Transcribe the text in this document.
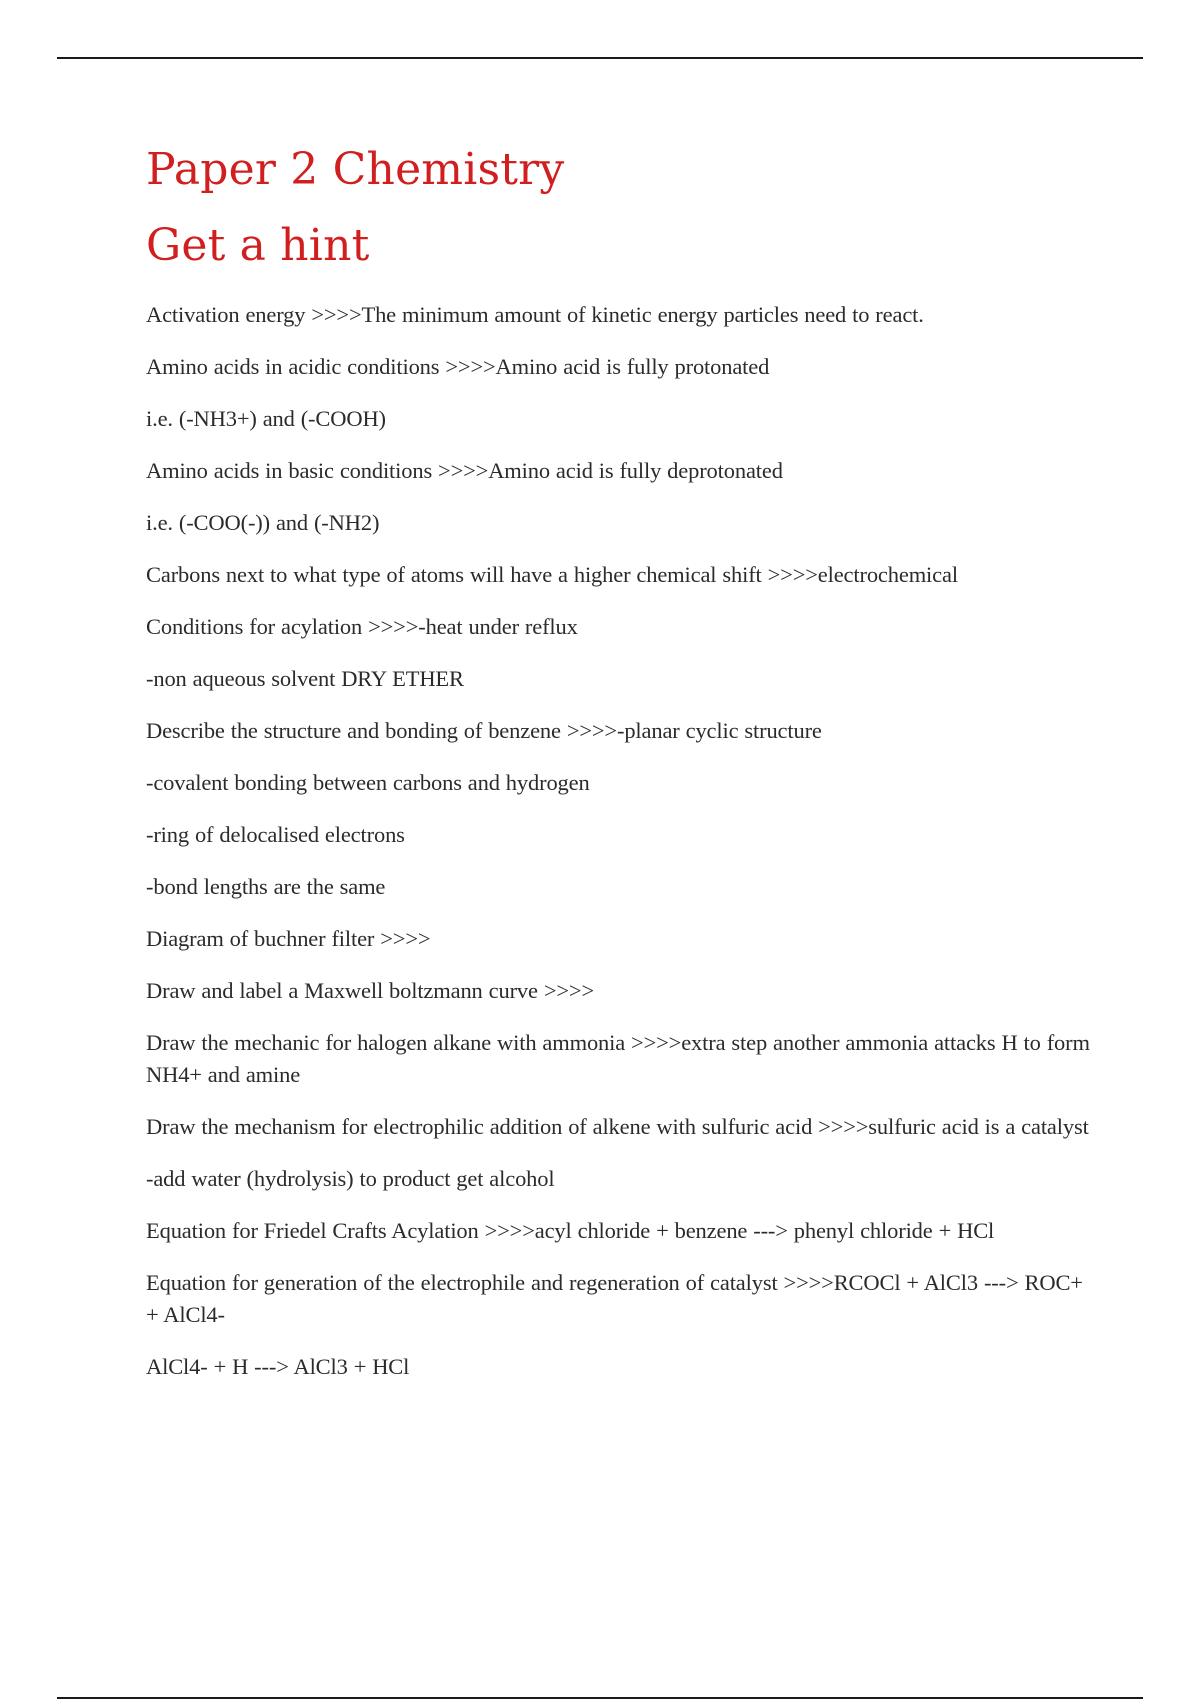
Paper 2 Chemistry
Get a hint

Activation energy >>>>The minimum amount of kinetic energy particles need to react.

Amino acids in acidic conditions >>>>Amino acid is fully protonated

i.e. (-NH3+) and (-COOH)

Amino acids in basic conditions >>>>Amino acid is fully deprotonated

i.e. (-COO(-)) and (-NH2)

Carbons next to what type of atoms will have a higher chemical shift >>>>electrochemical

Conditions for acylation >>>>-heat under reflux

-non aqueous solvent DRY ETHER

Describe the structure and bonding of benzene >>>>-planar cyclic structure

-covalent bonding between carbons and hydrogen

-ring of delocalised electrons

-bond lengths are the same

Diagram of buchner filter >>>>

Draw and label a Maxwell boltzmann curve >>>>

Draw the mechanic for halogen alkane with ammonia >>>>extra step another ammonia attacks H to form NH4+ and amine

Draw the mechanism for electrophilic addition of alkene with sulfuric acid >>>>sulfuric acid is a catalyst

-add water (hydrolysis) to product get alcohol

Equation for Friedel Crafts Acylation >>>>acyl chloride + benzene ---> phenyl chloride + HCl

Equation for generation of the electrophile and regeneration of catalyst >>>>RCOCl + AlCl3 ---> ROC+ + AlCl4-

AlCl4- + H ---> AlCl3 + HCl
